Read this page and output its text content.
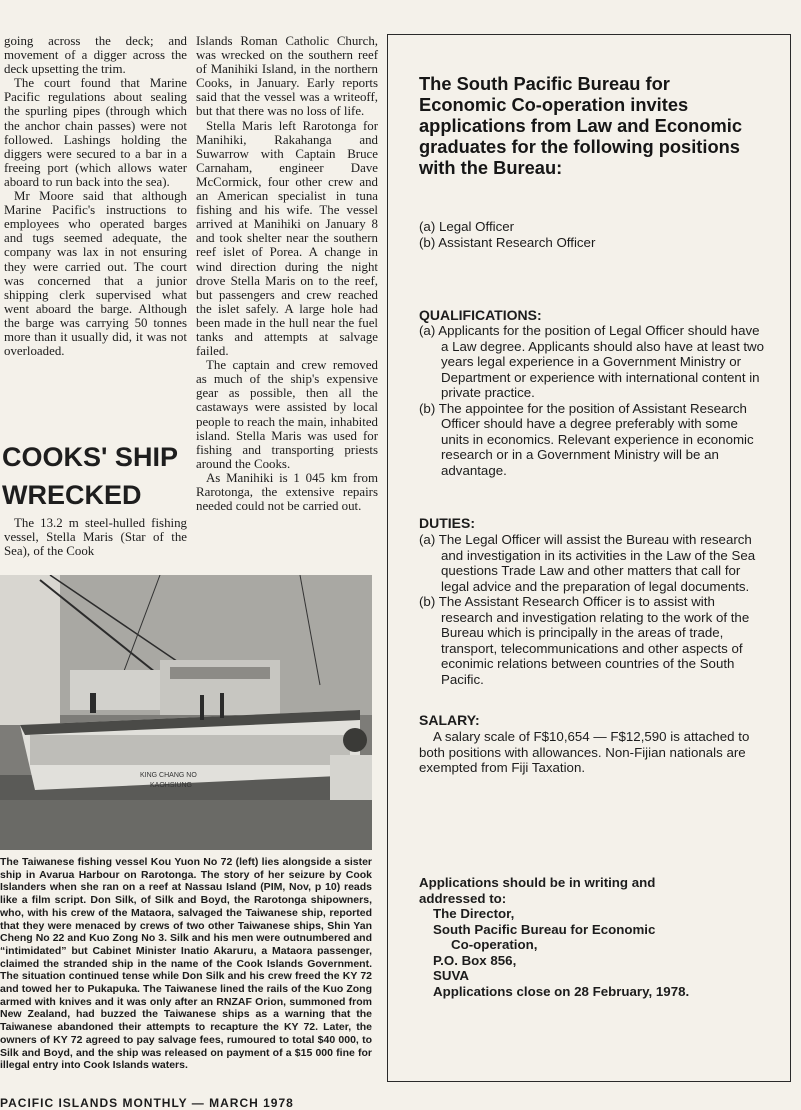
going across the deck; and movement of a digger across the deck upsetting the trim.

The court found that Marine Pacific regulations about sealing the spurling pipes (through which the anchor chain passes) were not followed. Lashings holding the diggers were secured to a bar in a freeing port (which allows water aboard to run back into the sea).

Mr Moore said that although Marine Pacific's instructions to employees who operated barges and tugs seemed adequate, the company was lax in not ensuring they were carried out. The court was concerned that a junior shipping clerk supervised what went aboard the barge. Although the barge was carrying 50 tonnes more than it usually did, it was not overloaded.

COOKS' SHIP WRECKED

The 13.2 m steel-hulled fishing vessel, Stella Maris (Star of the Sea), of the Cook

Islands Roman Catholic Church, was wrecked on the southern reef of Manihiki Island, in the northern Cooks, in January. Early reports said that the vessel was a writeoff, but that there was no loss of life.

Stella Maris left Rarotonga for Manihiki, Rakahanga and Suwarrow with Captain Bruce Carnaham, engineer Dave McCormick, four other crew and an American specialist in tuna fishing and his wife. The vessel arrived at Manihiki on January 8 and took shelter near the southern reef islet of Porea. A change in wind direction during the night drove Stella Maris on to the reef, but passengers and crew reached the islet safely. A large hole had been made in the hull near the fuel tanks and attempts at salvage failed.

The captain and crew removed as much of the ship's expensive gear as possible, then all the castaways were assisted by local people to reach the main, inhabited island. Stella Maris was used for fishing and transporting priests around the Cooks.

As Manihiki is 1 045 km from Rarotonga, the extensive repairs needed could not be carried out.

KING CHANG NO
KAOHSIUNG

The Taiwanese fishing vessel Kou Yuon No 72 (left) lies alongside a sister ship in Avarua Harbour on Rarotonga. The story of her seizure by Cook Islanders when she ran on a reef at Nassau Island (PIM, Nov, p 10) reads like a film script. Don Silk, of Silk and Boyd, the Rarotonga shipowners, who, with his crew of the Mataora, salvaged the Taiwanese ship, reported that they were menaced by crews of two other Taiwanese ships, Shin Yan Cheng No 22 and Kuo Zong No 3. Silk and his men were outnumbered and “intimidated” but Cabinet Minister Inatio Akaruru, a Mataora passenger, claimed the stranded ship in the name of the Cook Islands Government. The situation continued tense while Don Silk and his crew freed the KY 72 and towed her to Pukapuka. The Taiwanese lined the rails of the Kuo Zong armed with knives and it was only after an RNZAF Orion, summoned from New Zealand, had buzzed the Taiwanese ships as a warning that the Taiwanese abandoned their attempts to recapture the KY 72. Later, the owners of KY 72 agreed to pay salvage fees, rumoured to total $40 000, to Silk and Boyd, and the ship was released on payment of a $15 000 fine for illegal entry into Cook Islands waters.

PACIFIC ISLANDS MONTHLY — MARCH 1978

The South Pacific Bureau for Economic Co-operation invites applications from Law and Economic graduates for the following positions with the Bureau:

(a) Legal Officer
(b) Assistant Research Officer

QUALIFICATIONS:

(a) Applicants for the position of Legal Officer should have a Law degree. Applicants should also have at least two years legal experience in a Government Ministry or Department or experience with international content in private practice.
(b) The appointee for the position of Assistant Research Officer should have a degree preferably with some units in economics. Relevant experience in economic research or in a Government Ministry will be an advantage.

DUTIES:

(a) The Legal Officer will assist the Bureau with research and investigation in its activities in the Law of the Sea questions Trade Law and other matters that call for legal advice and the preparation of legal documents.
(b) The Assistant Research Officer is to assist with research and investigation relating to the work of the Bureau which is principally in the areas of trade, transport, telecommunications and other aspects of econimic relations between countries of the South Pacific.

SALARY:

A salary scale of F$10,654 — F$12,590 is attached to both positions with allowances. Non-Fijian nationals are exempted from Fiji Taxation.

Applications should be in writing and
addressed to:
The Director,
South Pacific Bureau for Economic
Co-operation,
P.O. Box 856,
SUVA
Applications close on 28 February, 1978.
